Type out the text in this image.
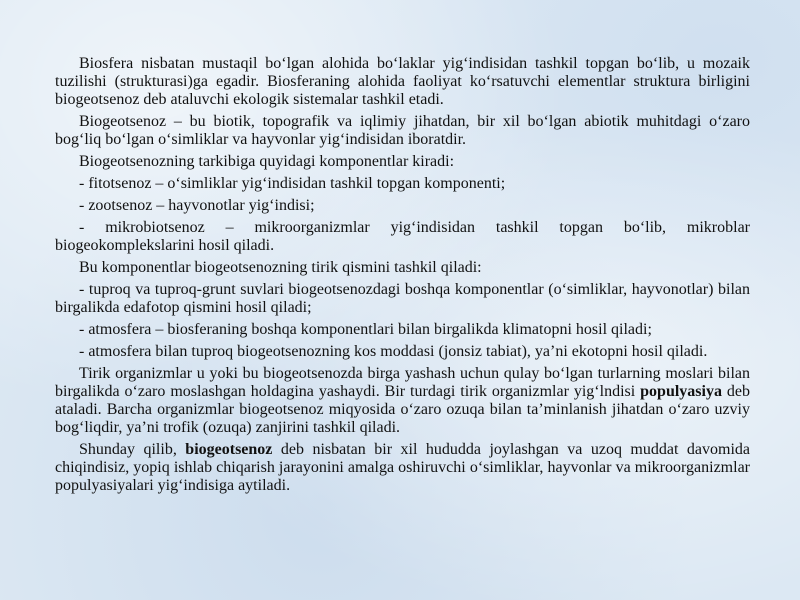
Biosfera nisbatan mustaqil bo‘lgan alohida bo‘laklar yig‘indisidan tashkil topgan bo‘lib, u mozaik tuzilishi (strukturasi)ga egadir. Biosferaning alohida faoliyat ko‘rsatuvchi elementlar struktura birligini biogeotsenoz deb ataluvchi ekologik sistemalar tashkil etadi.

Biogeotsenoz – bu biotik, topografik va iqlimiy jihatdan, bir xil bo‘lgan abiotik muhitdagi o‘zaro bog‘liq bo‘lgan o‘simliklar va hayvonlar yig‘indisidan iboratdir.

Biogeotsenozning tarkibiga quyidagi komponentlar kiradi:

- fitotsenoz – o‘simliklar yig‘indisidan tashkil topgan komponenti;

- zootsenoz – hayvonotlar yig‘indisi;

- mikrobiotsenoz – mikroorganizmlar yig‘indisidan tashkil topgan bo‘lib, mikroblar biogeokomplekslarini hosil qiladi.

Bu komponentlar biogeotsenozning tirik qismini tashkil qiladi:

- tuproq va tuproq-grunt suvlari biogeotsenozdagi boshqa komponentlar (o‘simliklar, hayvonotlar) bilan birgalikda edafotop qismini hosil qiladi;

- atmosfera – biosferaning boshqa komponentlari bilan birgalikda klimatopni hosil qiladi;

- atmosfera bilan tuproq biogeotsenozning kos moddasi (jonsiz tabiat), ya’ni ekotopni hosil qiladi.

Tirik organizmlar u yoki bu biogeotsenozda birga yashash uchun qulay bo‘lgan turlarning moslari bilan birgalikda o‘zaro moslashgan holdagina yashaydi. Bir turdagi tirik organizmlar yig‘lndisi populyasiya deb ataladi. Barcha organizmlar biogeotsenoz miqyosida o‘zaro ozuqa bilan ta’minlanish jihatdan o‘zaro uzviy bog‘liqdir, ya’ni trofik (ozuqa) zanjirini tashkil qiladi.

Shunday qilib, biogeotsenoz deb nisbatan bir xil hududda joylashgan va uzoq muddat davomida chiqindisiz, yopiq ishlab chiqarish jarayonini amalga oshiruvchi o‘simliklar, hayvonlar va mikroorganizmlar populyasiyalari yig‘indisiga aytiladi.
